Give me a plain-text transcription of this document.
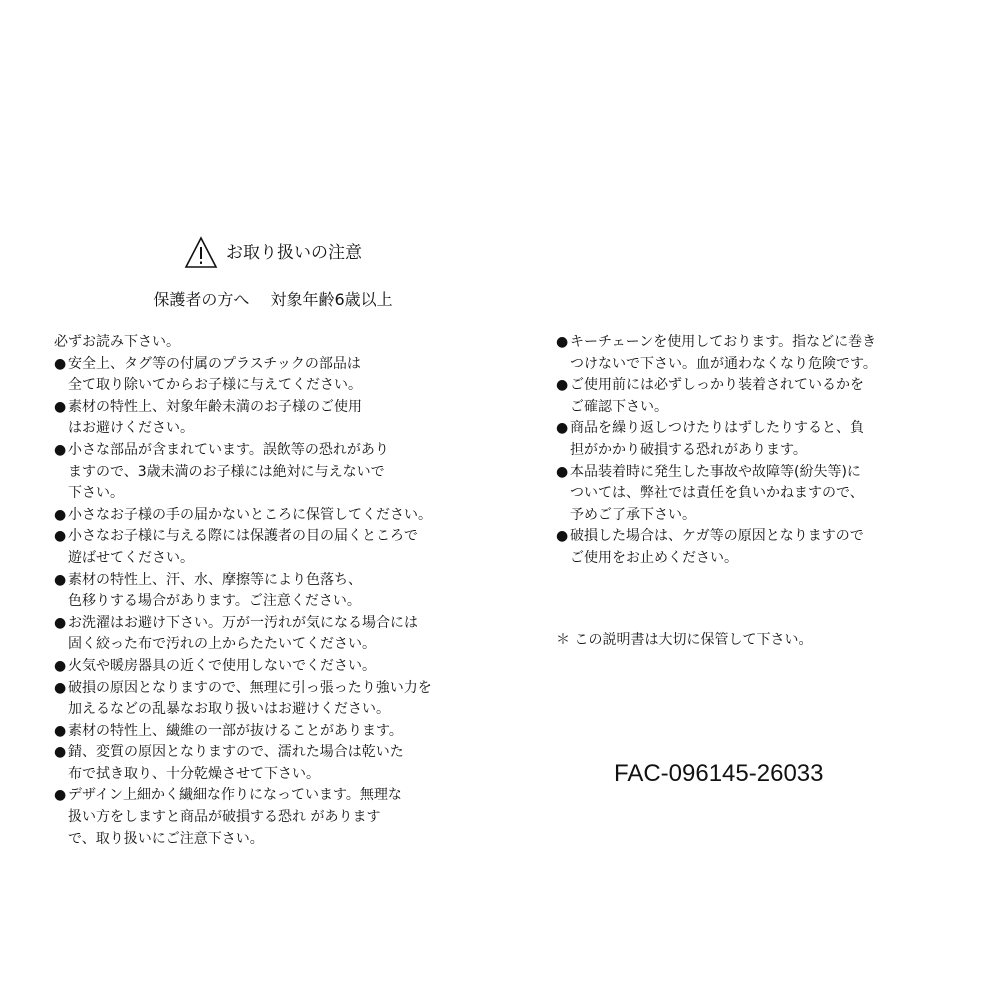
お取り扱いの注意
保護者の方へ　 対象年齢6歳以上
必ずお読み下さい。
● 安全上、タグ等の付属のプラスチックの部品は
全て取り除いてからお子様に与えてください。
● 素材の特性上、対象年齢未満のお子様のご使用
はお避けください。
● 小さな部品が含まれています。誤飲等の恐れがあり
ますので、3歳未満のお子様には絶対に与えないで
下さい。
● 小さなお子様の手の届かないところに保管してください。
● 小さなお子様に与える際には保護者の目の届くところで
遊ばせてください。
● 素材の特性上、汗、水、摩擦等により色落ち、
色移りする場合があります。ご注意ください。
● お洗濯はお避け下さい。万が一汚れが気になる場合には
固く絞った布で汚れの上からたたいてください。
● 火気や暖房器具の近くで使用しないでください。
● 破損の原因となりますので、無理に引っ張ったり強い力を
加えるなどの乱暴なお取り扱いはお避けください。
● 素材の特性上、繊維の一部が抜けることがあります。
● 錆、変質の原因となりますので、濡れた場合は乾いた
布で拭き取り、十分乾燥させて下さい。
● デザイン上細かく繊細な作りになっています。無理な
扱い方をしますと商品が破損する恐れ があります
で、取り扱いにご注意下さい。
● キーチェーンを使用しております。指などに巻き
つけないで下さい。血が通わなくなり危険です。
● ご使用前には必ずしっかり装着されているかを
ご確認下さい。
● 商品を繰り返しつけたりはずしたりすると、負
担がかかり破損する恐れがあります。
● 本品装着時に発生した事故や故障等(紛失等)に
ついては、弊社では責任を負いかねますので、
予めご了承下さい。
● 破損した場合は、ケガ等の原因となりますので
ご使用をお止めください。
＊ この説明書は大切に保管して下さい。
FAC-096145-26033
